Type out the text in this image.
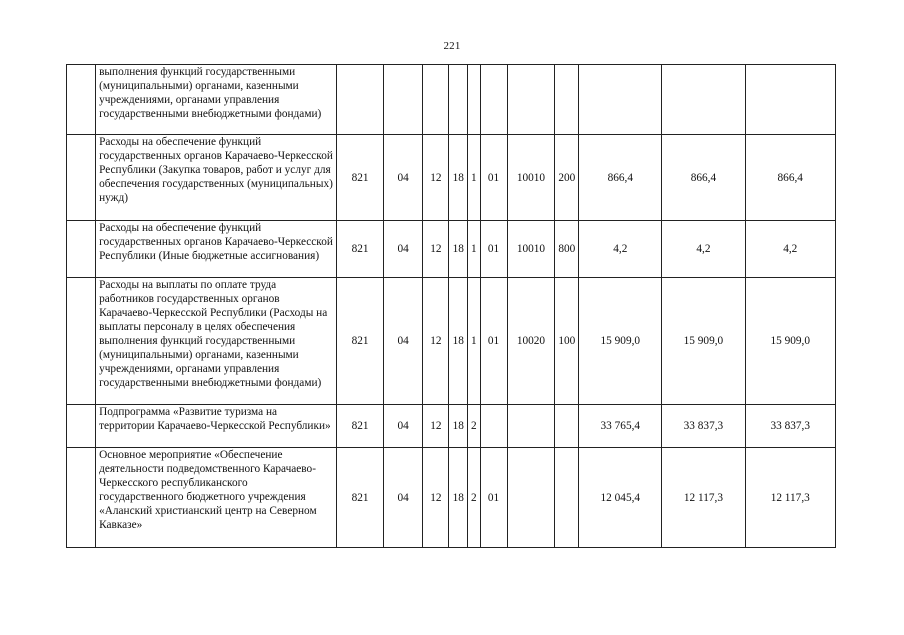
221
	выполнения функций государственными (муниципальными) органами, казенными учреждениями, органами управления государственными внебюджетными фондами)											
	Расходы на обеспечение функций государственных органов Карачаево-Черкесской Республики (Закупка товаров, работ и услуг для обеспечения государственных (муниципальных) нужд)	821	04	12	18	1	01	10010	200	866,4	866,4	866,4
	Расходы на обеспечение функций государственных органов Карачаево-Черкесской Республики (Иные бюджетные ассигнования)	821	04	12	18	1	01	10010	800	4,2	4,2	4,2
	Расходы на выплаты по оплате труда работников государственных органов Карачаево-Черкесской Республики (Расходы на выплаты персоналу в целях обеспечения выполнения функций государственными (муниципальными) органами, казенными учреждениями, органами управления государственными внебюджетными фондами)	821	04	12	18	1	01	10020	100	15 909,0	15 909,0	15 909,0
	Подпрограмма «Развитие туризма на территории Карачаево-Черкесской Республики»	821	04	12	18	2				33 765,4	33 837,3	33 837,3
	Основное мероприятие «Обеспечение деятельности подведомственного Карачаево-Черкесского республиканского государственного бюджетного учреждения «Аланский христианский центр на Северном Кавказе»	821	04	12	18	2	01			12 045,4	12 117,3	12 117,3
